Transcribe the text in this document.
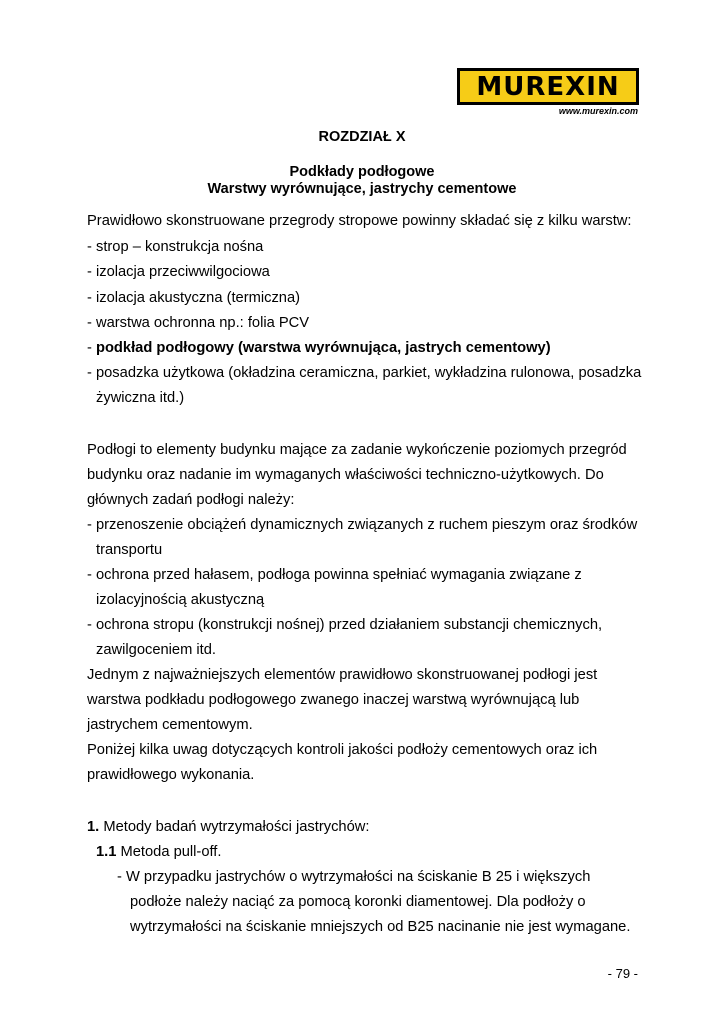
MUREXIN
www.murexin.com
ROZDZIAŁ X
Podkłady podłogowe
Warstwy wyrównujące, jastrychy cementowe
Prawidłowo skonstruowane przegrody stropowe powinny składać się z kilku warstw:
- strop – konstrukcja nośna
- izolacja przeciwwilgociowa
- izolacja akustyczna (termiczna)
- warstwa ochronna np.: folia PCV
- podkład podłogowy (warstwa wyrównująca, jastrych cementowy)
- posadzka użytkowa (okładzina ceramiczna, parkiet, wykładzina rulonowa, posadzka
żywiczna itd.)
Podłogi to elementy budynku mające za zadanie wykończenie poziomych przegród
budynku oraz nadanie im wymaganych właściwości techniczno-użytkowych. Do
głównych zadań podłogi należy:
- przenoszenie obciążeń dynamicznych związanych z ruchem pieszym oraz środków
transportu
- ochrona przed hałasem, podłoga powinna spełniać wymagania związane z
izolacyjnością akustyczną
- ochrona stropu (konstrukcji nośnej) przed działaniem substancji chemicznych,
zawilgoceniem itd.
Jednym z najważniejszych elementów prawidłowo skonstruowanej podłogi jest
warstwa podkładu podłogowego zwanego inaczej warstwą wyrównującą lub
jastrychem cementowym.
Poniżej kilka uwag dotyczących kontroli jakości podłoży cementowych oraz ich
prawidłowego wykonania.
1. Metody badań wytrzymałości jastrychów:
1.1 Metoda pull-off.
- W przypadku jastrychów o wytrzymałości na ściskanie B 25 i większych
podłoże należy naciąć za pomocą koronki diamentowej. Dla podłoży o
wytrzymałości na ściskanie mniejszych od B25 nacinanie nie jest wymagane.
- 79 -
